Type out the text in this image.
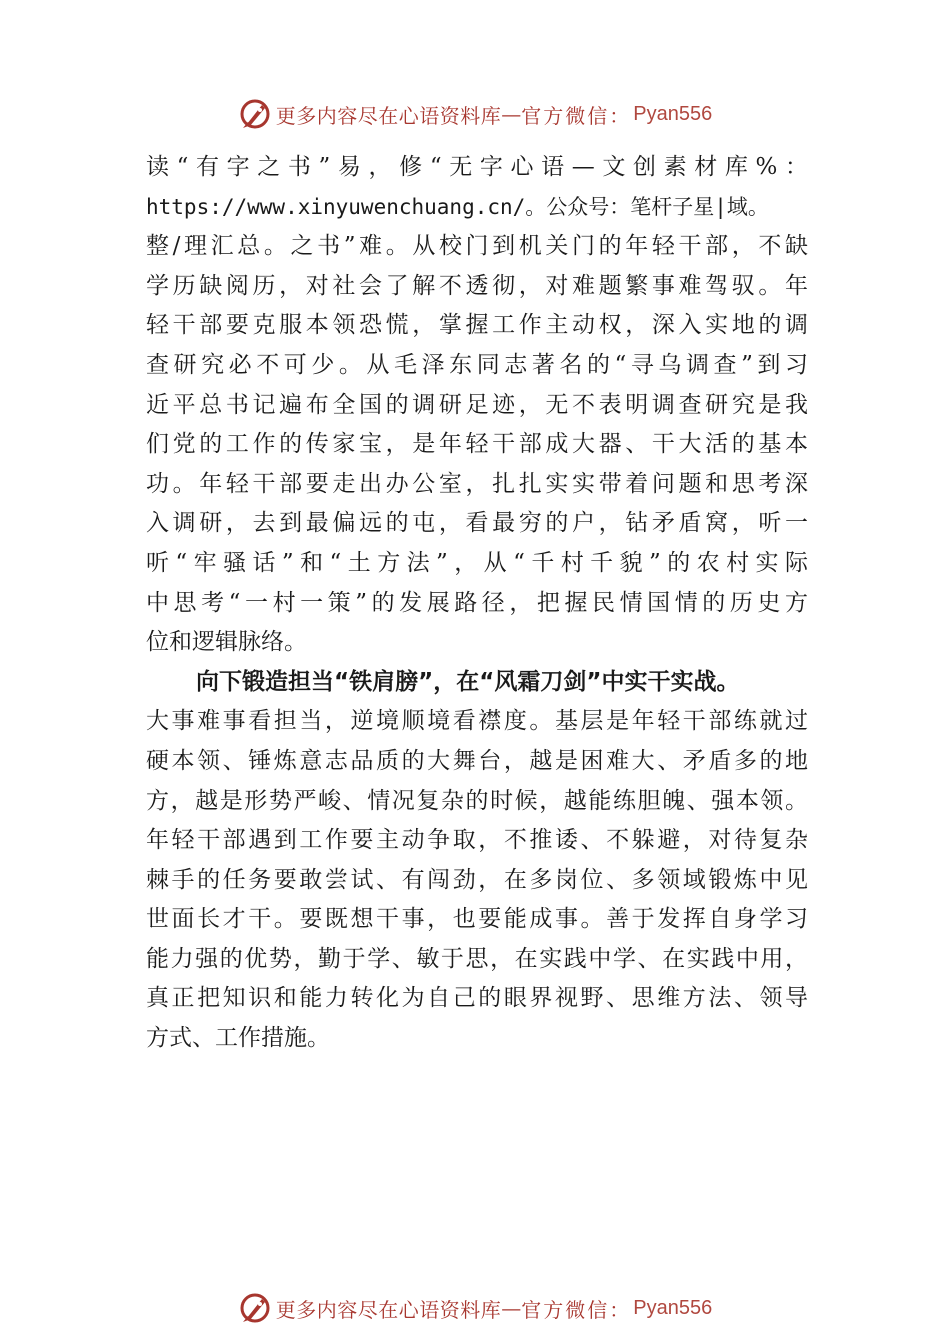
更多内容尽在心语资料库 — 官方微信： Pyan556
读“有字之书”易，修“无字心语—文创素材库%：
https://www.xinyuwenchuang.cn/。公众号：笔杆子星|域。
整/理汇总。之书”难。从校门到机关门的年轻干部，不缺
学历缺阅历，对社会了解不透彻，对难题繁事难驾驭。年
轻干部要克服本领恐慌，掌握工作主动权，深入实地的调
查研究必不可少。从毛泽东同志著名的“寻乌调查”到习
近平总书记遍布全国的调研足迹，无不表明调查研究是我
们党的工作的传家宝，是年轻干部成大器、干大活的基本
功。年轻干部要走出办公室，扎扎实实带着问题和思考深
入调研，去到最偏远的屯，看最穷的户，钻矛盾窝，听一
听“牢骚话”和“土方法”，从“千村千貌”的农村实际
中思考“一村一策”的发展路径，把握民情国情的历史方
位和逻辑脉络。
向下锻造担当“铁肩膀”，在“风霜刀剑”中实干实战。
大事难事看担当，逆境顺境看襟度。基层是年轻干部练就过
硬本领、锤炼意志品质的大舞台，越是困难大、矛盾多的地
方，越是形势严峻、情况复杂的时候，越能练胆魄、强本领。
年轻干部遇到工作要主动争取，不推诿、不躲避，对待复杂
棘手的任务要敢尝试、有闯劲，在多岗位、多领域锻炼中见
世面长才干。要既想干事，也要能成事。善于发挥自身学习
能力强的优势，勤于学、敏于思，在实践中学、在实践中用，
真正把知识和能力转化为自己的眼界视野、思维方法、领导
方式、工作措施。
更多内容尽在心语资料库 — 官方微信： Pyan556
